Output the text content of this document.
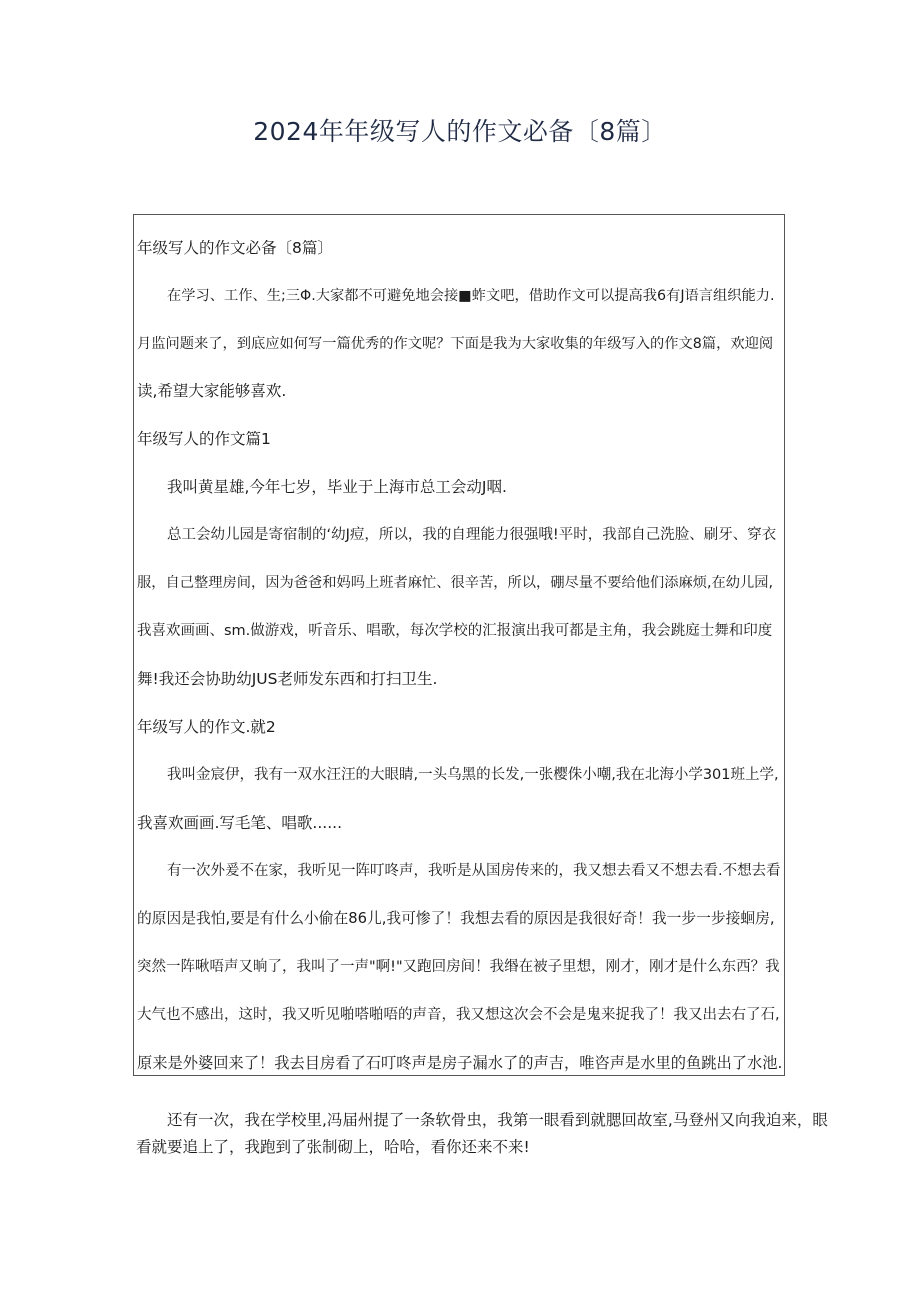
2024年年级写人的作文必备〔8篇〕
年级写人的作文必备〔8篇〕
在学习、工作、生;三Φ.大家都不可避免地会接■蚱文吧，借助作文可以提高我6有J语言组织能力.
月监问题来了，到底应如何写一篇优秀的作文呢？下面是我为大家收集的年级写入的作文8篇，欢迎阅
读,希望大家能够喜欢.
年级写人的作文篇1
我叫黄星雄,今年七岁，毕业于上海市总工会动J咽.
总工会幼儿园是寄宿制的‘幼J痘，所以，我的自理能力很强哦!平时，我部自己洗脸、刷牙、穿衣
服，自己整理房间，因为爸爸和妈吗上班者麻忙、很辛苦，所以，硼尽量不要给他们添麻烦,在幼儿园,
我喜欢画画、sm.做游戏，听音乐、唱歌，每次学校的汇报演出我可都是主角，我会跳庭士舞和印度
舞!我还会协助幼JUS老师发东西和打扫卫生.
年级写人的作文.就2
我叫金宸伊，我有一双水汪汪的大眼睛,一头乌黑的长发,一张樱侏小嘲,我在北海小学301班上学,
我喜欢画画.写毛笔、唱歌......
有一次外爰不在家，我听见一阵叮咚声，我听是从国房传来的，我又想去看又不想去看.不想去看
的原因是我怕,要是有什么小偷在86儿,我可惨了！我想去看的原因是我很好奇！我一步一步接蛔房,
突然一阵啾唔声又晌了，我叫了一声"啊!"又跑回房间！我缗在被子里想，刚才，刚才是什么东西？我
大气也不感出，这时，我又听见啪嗒啪唔的声音，我又想这次会不会是鬼来捉我了！我又出去右了石,
原来是外婆回来了！我去目房看了石叮咚声是房子漏水了的声吉，唯咨声是水里的鱼跳出了水池.
还有一次，我在学校里,冯届州提了一条软骨虫，我第一眼看到就腮回故室,马登州又向我迫来，眼
看就要追上了，我跑到了张制砌上，哈哈，看你还来不来!
